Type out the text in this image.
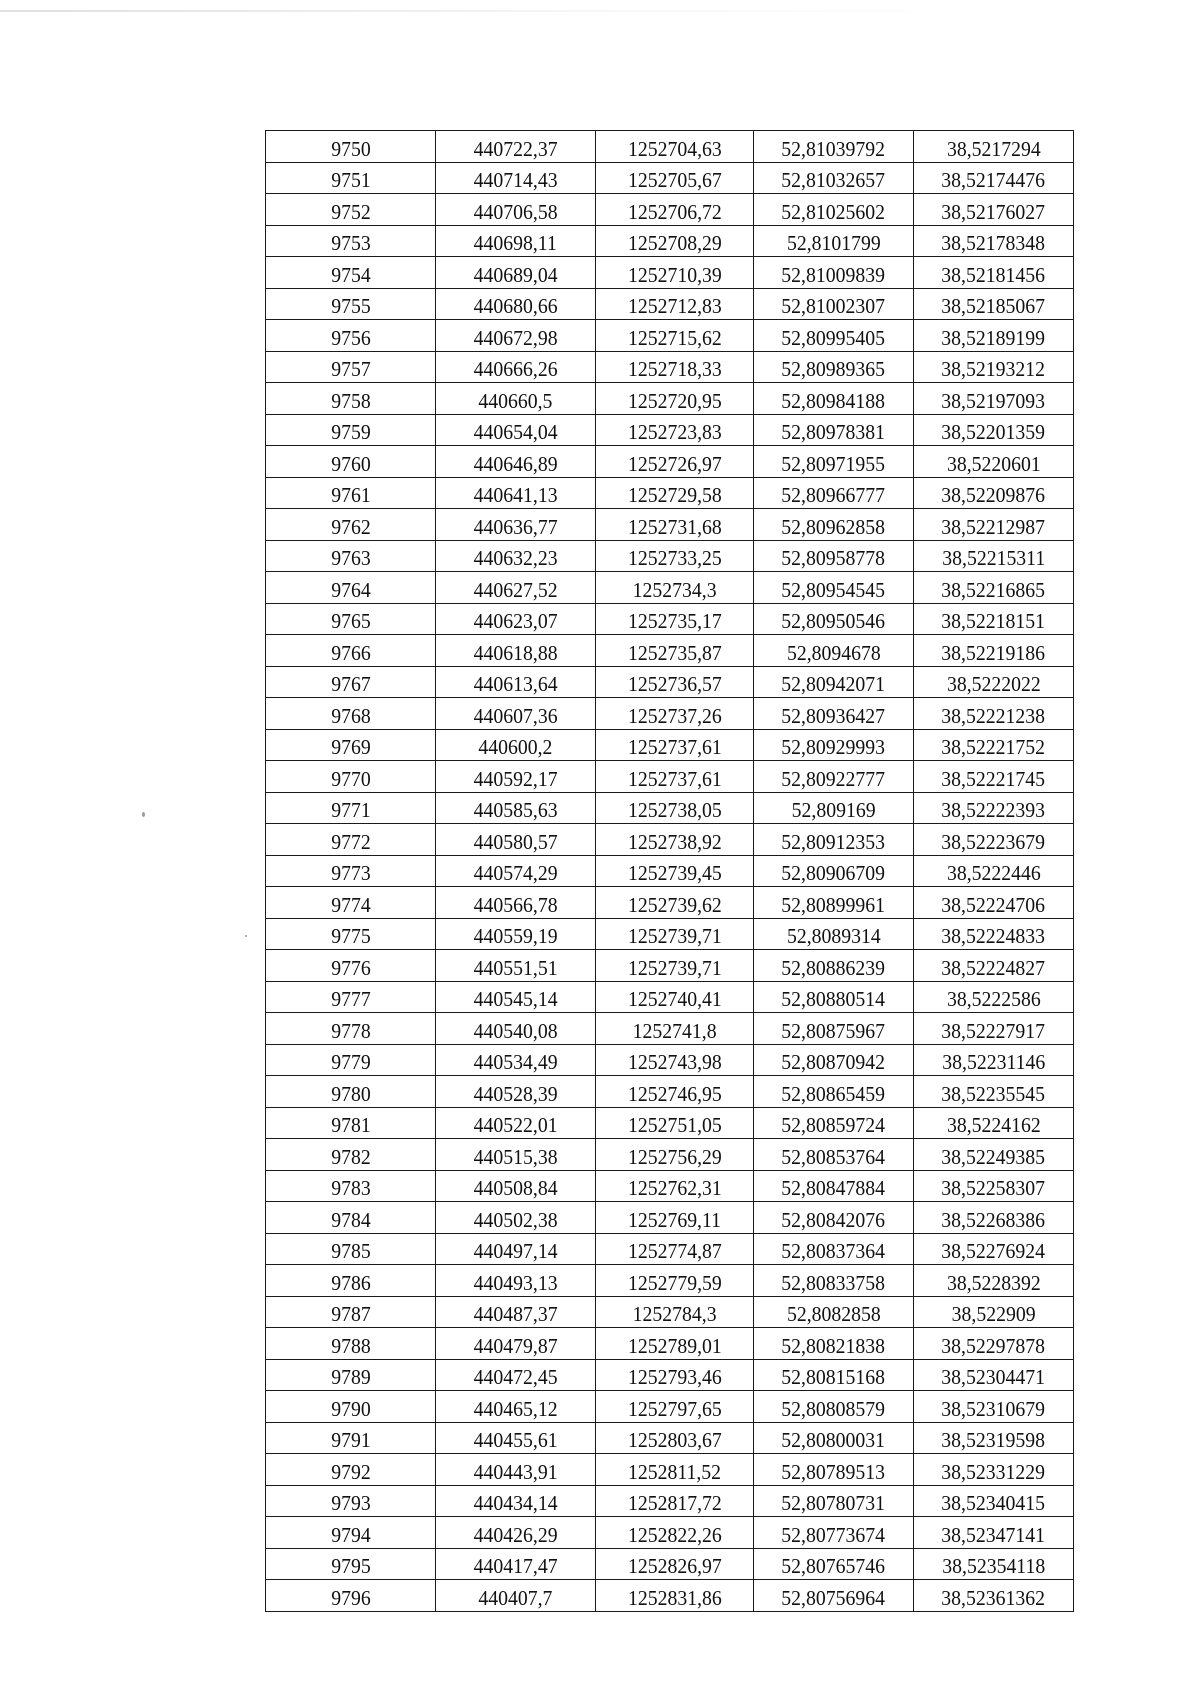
9750	440722,37	1252704,63	52,81039792	38,5217294
9751	440714,43	1252705,67	52,81032657	38,52174476
9752	440706,58	1252706,72	52,81025602	38,52176027
9753	440698,11	1252708,29	52,8101799	38,52178348
9754	440689,04	1252710,39	52,81009839	38,52181456
9755	440680,66	1252712,83	52,81002307	38,52185067
9756	440672,98	1252715,62	52,80995405	38,52189199
9757	440666,26	1252718,33	52,80989365	38,52193212
9758	440660,5	1252720,95	52,80984188	38,52197093
9759	440654,04	1252723,83	52,80978381	38,52201359
9760	440646,89	1252726,97	52,80971955	38,5220601
9761	440641,13	1252729,58	52,80966777	38,52209876
9762	440636,77	1252731,68	52,80962858	38,52212987
9763	440632,23	1252733,25	52,80958778	38,52215311
9764	440627,52	1252734,3	52,80954545	38,52216865
9765	440623,07	1252735,17	52,80950546	38,52218151
9766	440618,88	1252735,87	52,8094678	38,52219186
9767	440613,64	1252736,57	52,80942071	38,5222022
9768	440607,36	1252737,26	52,80936427	38,52221238
9769	440600,2	1252737,61	52,80929993	38,52221752
9770	440592,17	1252737,61	52,80922777	38,52221745
9771	440585,63	1252738,05	52,809169	38,52222393
9772	440580,57	1252738,92	52,80912353	38,52223679
9773	440574,29	1252739,45	52,80906709	38,5222446
9774	440566,78	1252739,62	52,80899961	38,52224706
9775	440559,19	1252739,71	52,8089314	38,52224833
9776	440551,51	1252739,71	52,80886239	38,52224827
9777	440545,14	1252740,41	52,80880514	38,5222586
9778	440540,08	1252741,8	52,80875967	38,52227917
9779	440534,49	1252743,98	52,80870942	38,52231146
9780	440528,39	1252746,95	52,80865459	38,52235545
9781	440522,01	1252751,05	52,80859724	38,5224162
9782	440515,38	1252756,29	52,80853764	38,52249385
9783	440508,84	1252762,31	52,80847884	38,52258307
9784	440502,38	1252769,11	52,80842076	38,52268386
9785	440497,14	1252774,87	52,80837364	38,52276924
9786	440493,13	1252779,59	52,80833758	38,5228392
9787	440487,37	1252784,3	52,8082858	38,522909
9788	440479,87	1252789,01	52,80821838	38,52297878
9789	440472,45	1252793,46	52,80815168	38,52304471
9790	440465,12	1252797,65	52,80808579	38,52310679
9791	440455,61	1252803,67	52,80800031	38,52319598
9792	440443,91	1252811,52	52,80789513	38,52331229
9793	440434,14	1252817,72	52,80780731	38,52340415
9794	440426,29	1252822,26	52,80773674	38,52347141
9795	440417,47	1252826,97	52,80765746	38,52354118
9796	440407,7	1252831,86	52,80756964	38,52361362
